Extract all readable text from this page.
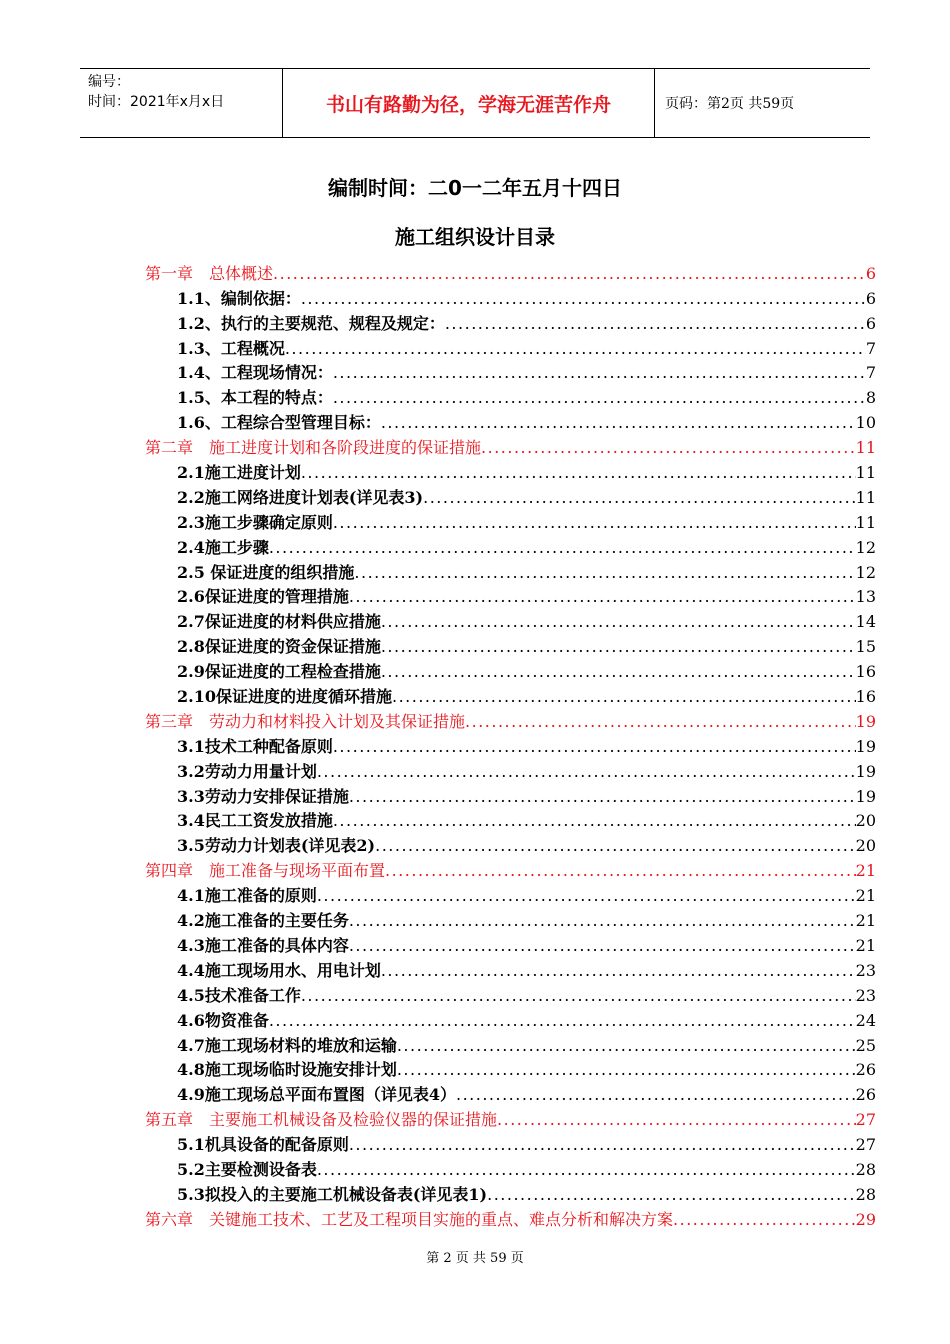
编号：
时间：2021年x月x日	书山有路勤为径，学海无涯苦作舟	页码：第2页 共59页
编制时间：二0一二年五月十四日
施工组织设计目录
第一章　总体概述 .....	6
1.1、编制依据： .....	6
1.2、执行的主要规范、规程及规定： .....	6
1.3、工程概况 .....	7
1.4、工程现场情况： .....	7
1.5、本工程的特点： .....	8
1.6、工程综合型管理目标： .....	10
第二章　施工进度计划和各阶段进度的保证措施 .....	11
2.1施工进度计划 .....	11
2.2施工网络进度计划表(详见表3) .....	11
2.3施工步骤确定原则 .....	11
2.4施工步骤 .....	12
2.5 保证进度的组织措施 .....	12
2.6保证进度的管理措施 .....	13
2.7保证进度的材料供应措施 .....	14
2.8保证进度的资金保证措施 .....	15
2.9保证进度的工程检查措施 .....	16
2.10保证进度的进度循环措施 .....	16
第三章　劳动力和材料投入计划及其保证措施 .....	19
3.1技术工种配备原则 .....	19
3.2劳动力用量计划 .....	19
3.3劳动力安排保证措施 .....	19
3.4民工工资发放措施 .....	20
3.5劳动力计划表(详见表2) .....	20
第四章　施工准备与现场平面布置 .....	21
4.1施工准备的原则 .....	21
4.2施工准备的主要任务 .....	21
4.3施工准备的具体内容 .....	21
4.4施工现场用水、用电计划 .....	23
4.5技术准备工作 .....	23
4.6物资准备 .....	24
4.7施工现场材料的堆放和运输 .....	25
4.8施工现场临时设施安排计划 .....	26
4.9施工现场总平面布置图（详见表4） .....	26
第五章　主要施工机械设备及检验仪器的保证措施 .....	27
5.1机具设备的配备原则 .....	27
5.2主要检测设备表 .....	28
5.3拟投入的主要施工机械设备表(详见表1) .....	28
第六章　关键施工技术、工艺及工程项目实施的重点、难点分析和解决方案 .....	29
第 2 页 共 59 页
